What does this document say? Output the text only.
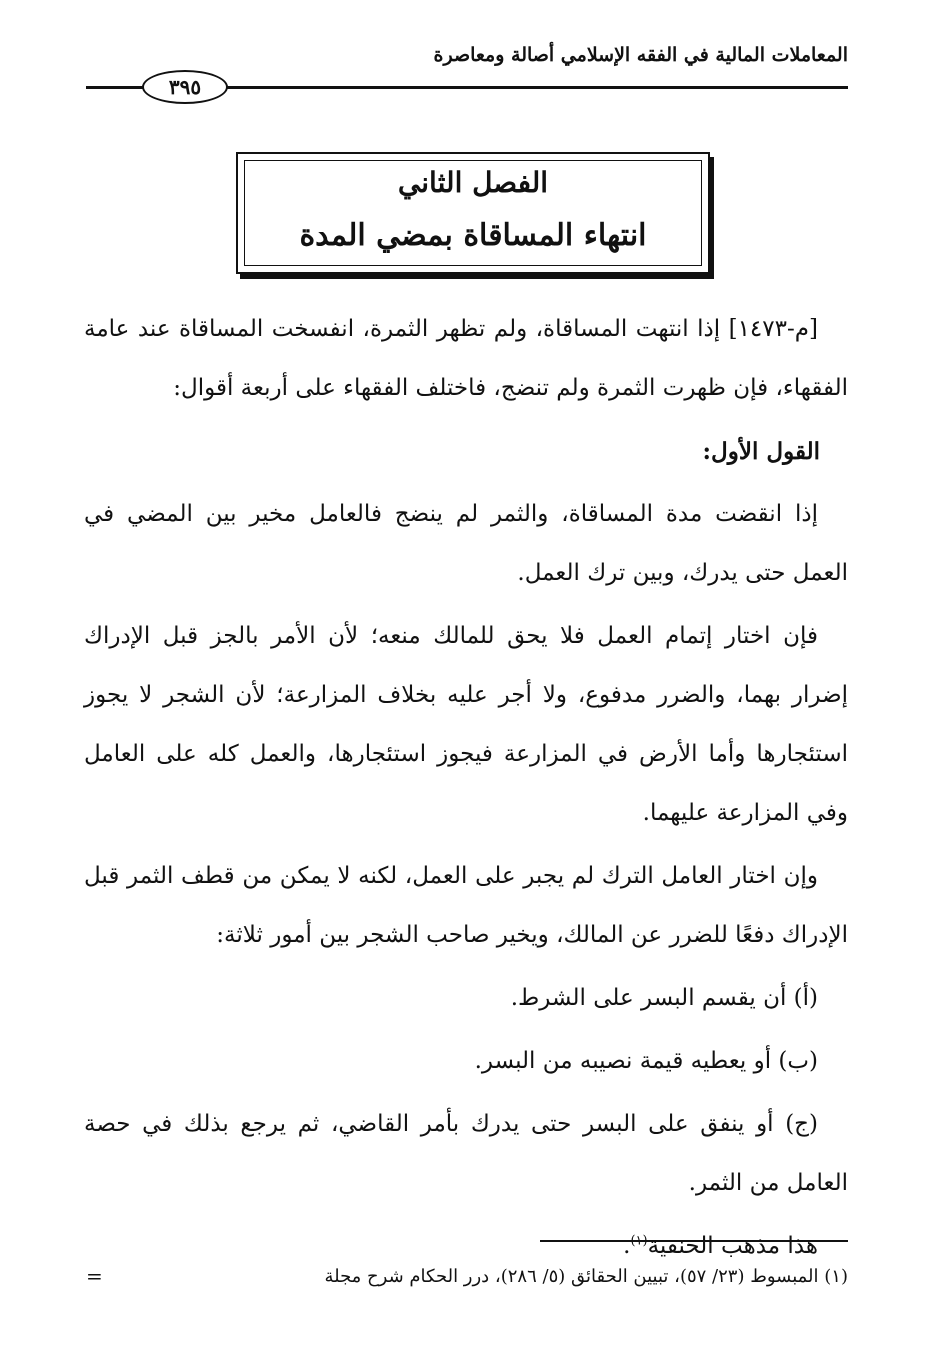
المعاملات المالية في الفقه الإسلامي أصالة ومعاصرة
٣٩٥
الفصل الثاني
انتهاء المساقاة بمضي المدة

[م-١٤٧٣] إذا انتهت المساقاة، ولم تظهر الثمرة، انفسخت المساقاة عند عامة الفقهاء، فإن ظهرت الثمرة ولم تنضج، فاختلف الفقهاء على أربعة أقوال:

القول الأول:

إذا انقضت مدة المساقاة، والثمر لم ينضج فالعامل مخير بين المضي في العمل حتى يدرك، وبين ترك العمل.

فإن اختار إتمام العمل فلا يحق للمالك منعه؛ لأن الأمر بالجز قبل الإدراك إضرار بهما، والضرر مدفوع، ولا أجر عليه بخلاف المزارعة؛ لأن الشجر لا يجوز استئجارها وأما الأرض في المزارعة فيجوز استئجارها، والعمل كله على العامل وفي المزارعة عليهما.

وإن اختار العامل الترك لم يجبر على العمل، لكنه لا يمكن من قطف الثمر قبل الإدراك دفعًا للضرر عن المالك، ويخير صاحب الشجر بين أمور ثلاثة:

(أ) أن يقسم البسر على الشرط.

(ب) أو يعطيه قيمة نصيبه من البسر.

(ج) أو ينفق على البسر حتى يدرك بأمر القاضي، ثم يرجع بذلك في حصة العامل من الثمر.

هذا مذهب الحنفية$^{(١)}$.

(١) المبسوط (٢٣/ ٥٧)، تبيين الحقائق (٥/ ٢٨٦)، درر الحكام شرح مجلة
=
